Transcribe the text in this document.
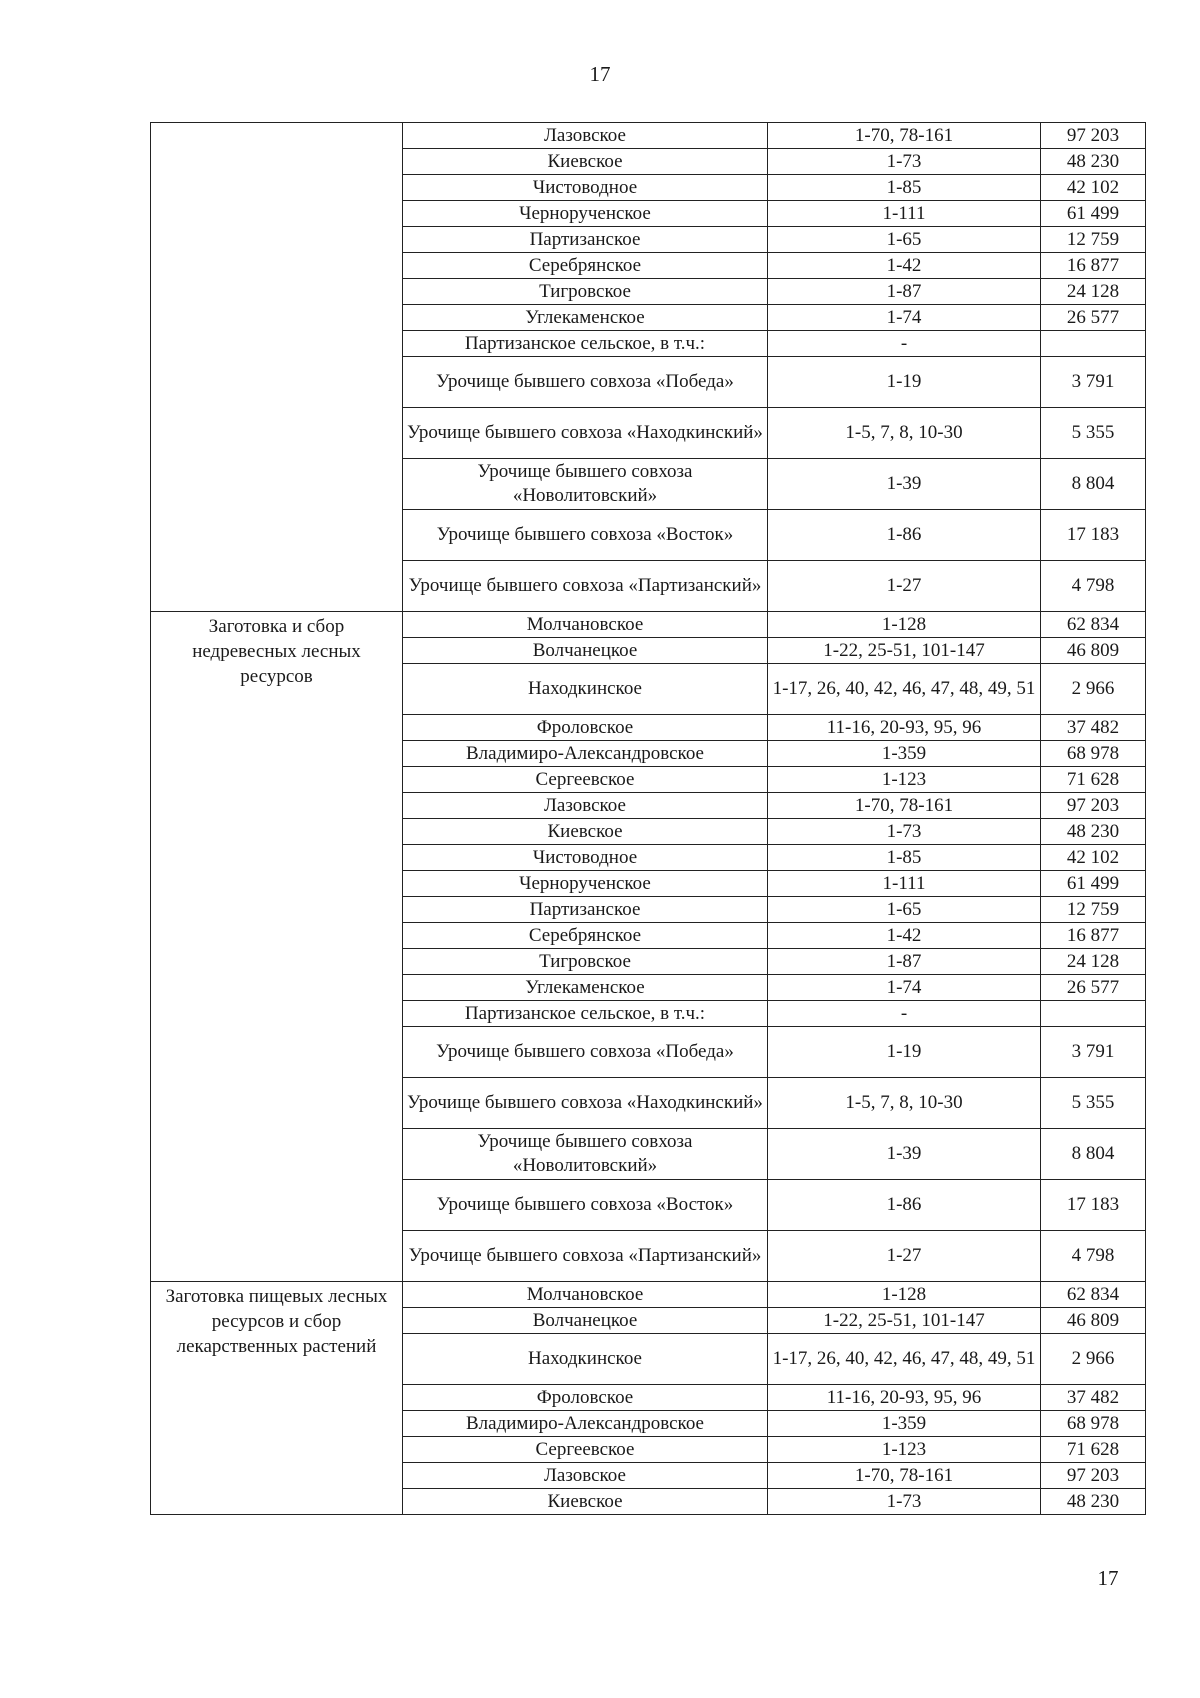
17
	Лазовское	1-70, 78-161	97 203
	Киевское	1-73	48 230
	Чистоводное	1-85	42 102
	Чернорученское	1-111	61 499
	Партизанское	1-65	12 759
	Серебрянское	1-42	16 877
	Тигровское	1-87	24 128
	Углекаменское	1-74	26 577
	Партизанское сельское, в т.ч.:	-	
	Урочище бывшего совхоза «Победа»	1-19	3 791
	Урочище бывшего совхоза «Находкинский»	1-5, 7, 8, 10-30	5 355
	Урочище бывшего совхоза «Новолитовский»	1-39	8 804
	Урочище бывшего совхоза «Восток»	1-86	17 183
	Урочище бывшего совхоза «Партизанский»	1-27	4 798
Заготовка и сбор недревесных лесных ресурсов	Молчановское	1-128	62 834
	Волчанецкое	1-22, 25-51, 101-147	46 809
	Находкинское	1-17, 26, 40, 42, 46, 47, 48, 49, 51	2 966
	Фроловское	11-16, 20-93, 95, 96	37 482
	Владимиро-Александровское	1-359	68 978
	Сергеевское	1-123	71 628
	Лазовское	1-70, 78-161	97 203
	Киевское	1-73	48 230
	Чистоводное	1-85	42 102
	Чернорученское	1-111	61 499
	Партизанское	1-65	12 759
	Серебрянское	1-42	16 877
	Тигровское	1-87	24 128
	Углекаменское	1-74	26 577
	Партизанское сельское, в т.ч.:	-	
	Урочище бывшего совхоза «Победа»	1-19	3 791
	Урочище бывшего совхоза «Находкинский»	1-5, 7, 8, 10-30	5 355
	Урочище бывшего совхоза «Новолитовский»	1-39	8 804
	Урочище бывшего совхоза «Восток»	1-86	17 183
	Урочище бывшего совхоза «Партизанский»	1-27	4 798
Заготовка пищевых лесных ресурсов и сбор лекарственных растений	Молчановское	1-128	62 834
	Волчанецкое	1-22, 25-51, 101-147	46 809
	Находкинское	1-17, 26, 40, 42, 46, 47, 48, 49, 51	2 966
	Фроловское	11-16, 20-93, 95, 96	37 482
	Владимиро-Александровское	1-359	68 978
	Сергеевское	1-123	71 628
	Лазовское	1-70, 78-161	97 203
	Киевское	1-73	48 230
17
